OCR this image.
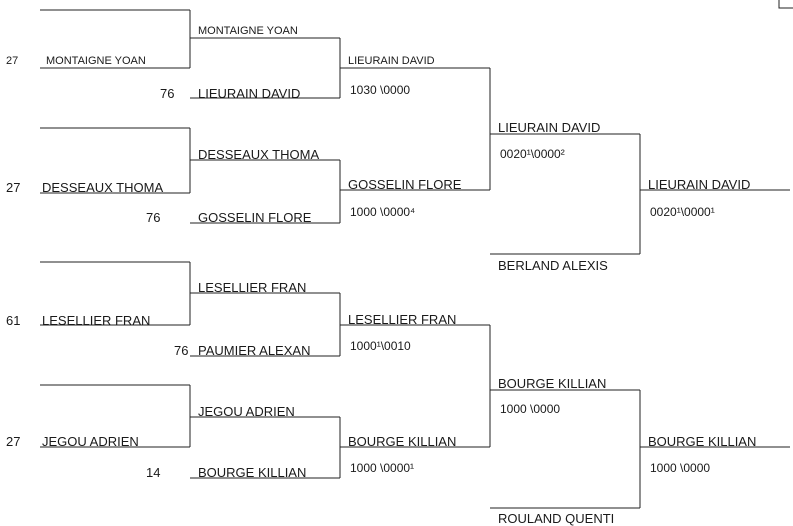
27	MONTAIGNE YOAN
76 LIEURAIN DAVID
27 DESSEAUX THOMA
76	GOSSELIN FLORE
61 LESELLIER FRAN
76 PAUMIER ALEXAN
27 JEGOU ADRIEN
14	BOURGE KILLIAN
MONTAIGNE YOAN
DESSEAUX THOMA
LESELLIER FRAN
JEGOU ADRIEN
LIEURAIN DAVID
1030 \0000
GOSSELIN FLORE
1000 \0000⁴
LESELLIER FRAN
1000¹\0010
BOURGE KILLIAN
1000 \0000¹
LIEURAIN DAVID
0020¹\0000²
BERLAND ALEXIS
BOURGE KILLIAN
1000 \0000
ROULAND QUENTI
LIEURAIN DAVID
0020¹\0000¹
BOURGE KILLIAN
1000 \0000
